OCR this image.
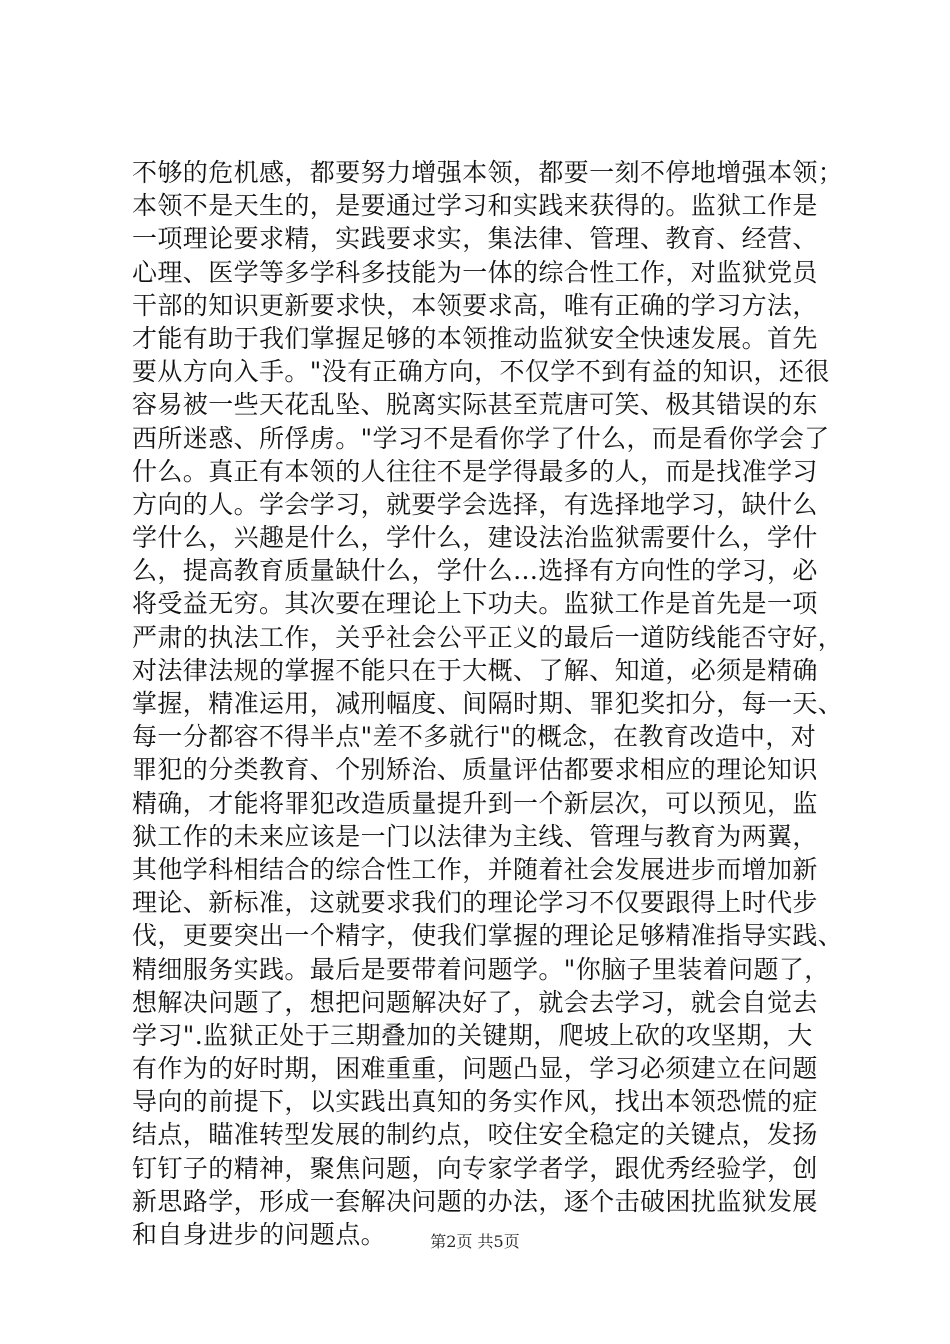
不够的危机感，都要努力增强本领，都要一刻不停地增强本领；
本领不是天生的，是要通过学习和实践来获得的。监狱工作是
一项理论要求精，实践要求实，集法律、管理、教育、经营、
心理、医学等多学科多技能为一体的综合性工作，对监狱党员
干部的知识更新要求快，本领要求高，唯有正确的学习方法，
才能有助于我们掌握足够的本领推动监狱安全快速发展。首先
要从方向入手。"没有正确方向，不仅学不到有益的知识，还很
容易被一些天花乱坠、脱离实际甚至荒唐可笑、极其错误的东
西所迷惑、所俘虏。"学习不是看你学了什么，而是看你学会了
什么。真正有本领的人往往不是学得最多的人，而是找准学习
方向的人。学会学习，就要学会选择，有选择地学习，缺什么
学什么，兴趣是什么，学什么，建设法治监狱需要什么，学什
么，提高教育质量缺什么，学什么…选择有方向性的学习，必
将受益无穷。其次要在理论上下功夫。监狱工作是首先是一项
严肃的执法工作，关乎社会公平正义的最后一道防线能否守好，
对法律法规的掌握不能只在于大概、了解、知道，必须是精确
掌握，精准运用，减刑幅度、间隔时期、罪犯奖扣分，每一天、
每一分都容不得半点"差不多就行"的概念，在教育改造中，对
罪犯的分类教育、个别矫治、质量评估都要求相应的理论知识
精确，才能将罪犯改造质量提升到一个新层次，可以预见，监
狱工作的未来应该是一门以法律为主线、管理与教育为两翼，
其他学科相结合的综合性工作，并随着社会发展进步而增加新
理论、新标准，这就要求我们的理论学习不仅要跟得上时代步
伐，更要突出一个精字，使我们掌握的理论足够精准指导实践、
精细服务实践。最后是要带着问题学。"你脑子里装着问题了，
想解决问题了，想把问题解决好了，就会去学习，就会自觉去
学习".监狱正处于三期叠加的关键期，爬坡上砍的攻坚期，大
有作为的好时期，困难重重，问题凸显，学习必须建立在问题
导向的前提下，以实践出真知的务实作风，找出本领恐慌的症
结点，瞄准转型发展的制约点，咬住安全稳定的关键点，发扬
钉钉子的精神，聚焦问题，向专家学者学，跟优秀经验学，创
新思路学，形成一套解决问题的办法，逐个击破困扰监狱发展
和自身进步的问题点。	第2页 共5页
